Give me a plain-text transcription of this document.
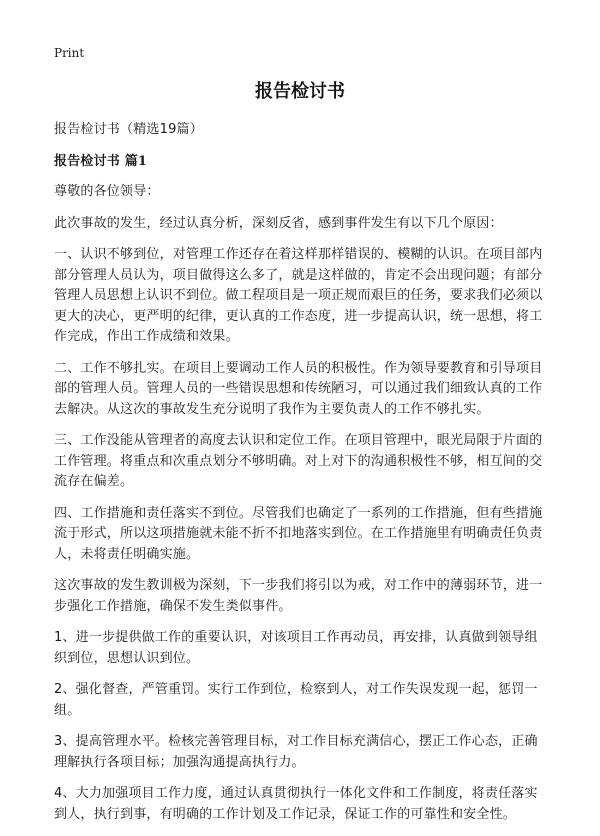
Print
报告检讨书

报告检讨书（精选19篇）

报告检讨书 篇1

尊敬的各位领导：

此次事故的发生，经过认真分析，深刻反省，感到事件发生有以下几个原因：

一、认识不够到位，对管理工作还存在着这样那样错误的、模糊的认识。在项目部内部分管理人员认为，项目做得这么多了，就是这样做的，肯定不会出现问题；有部分管理人员思想上认识不到位。做工程项目是一项正规而艰巨的任务，要求我们必须以更大的决心，更严明的纪律，更认真的工作态度，进一步提高认识，统一思想，将工作完成，作出工作成绩和效果。

二、工作不够扎实。在项目上要调动工作人员的积极性。作为领导要教育和引导项目部的管理人员。管理人员的一些错误思想和传统陋习，可以通过我们细致认真的工作去解决。从这次的事故发生充分说明了我作为主要负责人的工作不够扎实。

三、工作没能从管理者的高度去认识和定位工作。在项目管理中，眼光局限于片面的工作管理。将重点和次重点划分不够明确。对上对下的沟通积极性不够，相互间的交流存在偏差。

四、工作措施和责任落实不到位。尽管我们也确定了一系列的工作措施，但有些措施流于形式，所以这项措施就未能不折不扣地落实到位。在工作措施里有明确责任负责人，未将责任明确实施。

这次事故的发生教训极为深刻，下一步我们将引以为戒，对工作中的薄弱环节，进一步强化工作措施，确保不发生类似事件。

1、进一步提供做工作的重要认识，对该项目工作再动员，再安排，认真做到领导组织到位，思想认识到位。

2、强化督查，严管重罚。实行工作到位，检察到人，对工作失误发现一起，惩罚一组。

3、提高管理水平。检核完善管理目标，对工作目标充满信心，摆正工作心态，正确理解执行各项目标；加强沟通提高执行力。

4、大力加强项目工作力度，通过认真贯彻执行一体化文件和工作制度，将责任落实到人，执行到事，有明确的工作计划及工作记录，保证工作的可靠性和安全性。
